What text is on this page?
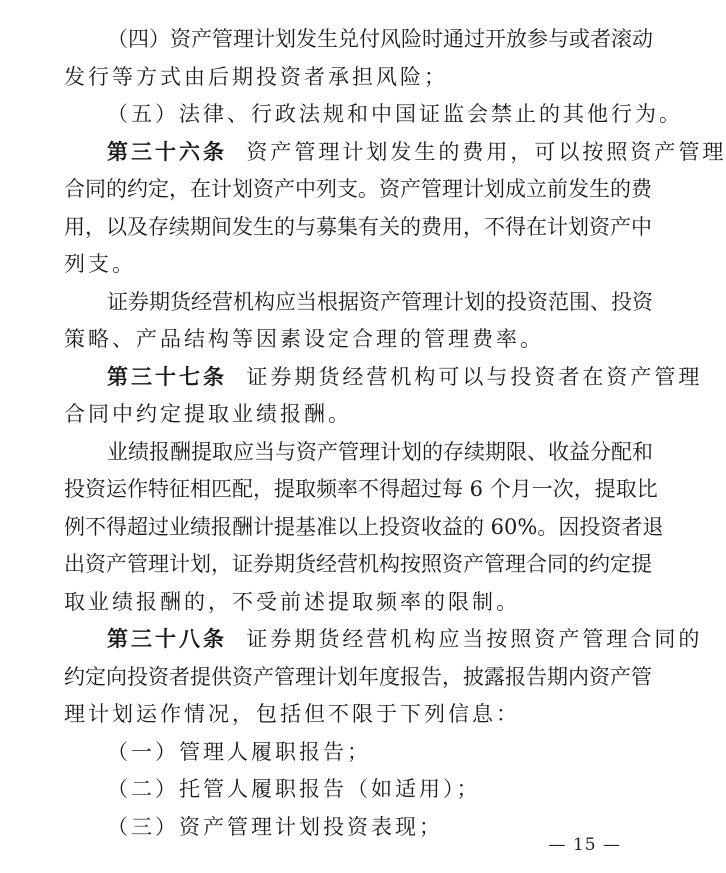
（四）资产管理计划发生兑付风险时通过开放参与或者滚动
发行等方式由后期投资者承担风险；
（五）法律、行政法规和中国证监会禁止的其他行为。
第三十六条 资产管理计划发生的费用，可以按照资产管理
合同的约定，在计划资产中列支。资产管理计划成立前发生的费
用，以及存续期间发生的与募集有关的费用，不得在计划资产中
列支。
证券期货经营机构应当根据资产管理计划的投资范围、投资
策略、产品结构等因素设定合理的管理费率。
第三十七条 证券期货经营机构可以与投资者在资产管理
合同中约定提取业绩报酬。
业绩报酬提取应当与资产管理计划的存续期限、收益分配和
投资运作特征相匹配，提取频率不得超过每 6 个月一次，提取比
例不得超过业绩报酬计提基准以上投资收益的 60%。因投资者退
出资产管理计划，证券期货经营机构按照资产管理合同的约定提
取业绩报酬的，不受前述提取频率的限制。
第三十八条 证券期货经营机构应当按照资产管理合同的
约定向投资者提供资产管理计划年度报告，披露报告期内资产管
理计划运作情况，包括但不限于下列信息：
（一）管理人履职报告；
— 15 —
（二）托管人履职报告（如适用）；
（三）资产管理计划投资表现；
